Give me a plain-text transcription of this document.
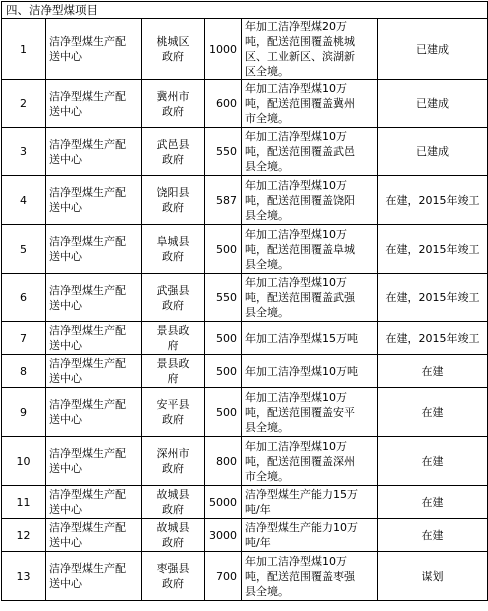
四、洁净型煤项目					
1	洁净型煤生产配
送中心	桃城区
政府	1000	年加工洁净型煤20万
吨，配送范围覆盖桃城
区、工业新区、滨湖新
区全境。	已建成
2	洁净型煤生产配
送中心	冀州市
政府	600	年加工洁净型煤10万
吨，配送范围覆盖冀州
市全境。	已建成
3	洁净型煤生产配
送中心	武邑县
政府	550	年加工洁净型煤10万
吨，配送范围覆盖武邑
县全境。	已建成
4	洁净型煤生产配
送中心	饶阳县
政府	587	年加工洁净型煤10万
吨，配送范围覆盖饶阳
县全境。	在建，2015年竣工
5	洁净型煤生产配
送中心	阜城县
政府	500	年加工洁净型煤10万
吨，配送范围覆盖阜城
县全境。	在建，2015年竣工
6	洁净型煤生产配
送中心	武强县
政府	550	年加工洁净型煤10万
吨，配送范围覆盖武强
县全境。	在建，2015年竣工
7	洁净型煤生产配
送中心	景县政
府	500	年加工洁净型煤15万吨	在建，2015年竣工
8	洁净型煤生产配
送中心	景县政
府	500	年加工洁净型煤10万吨	在建
9	洁净型煤生产配
送中心	安平县
政府	500	年加工洁净型煤10万
吨，配送范围覆盖安平
县全境。	在建
10	洁净型煤生产配
送中心	深州市
政府	800	年加工洁净型煤10万
吨，配送范围覆盖深州
市全境。	在建
11	洁净型煤生产配
送中心	故城县
政府	5000	洁净型煤生产能力15万
吨/年	在建
12	洁净型煤生产配
送中心	故城县
政府	3000	洁净型煤生产能力10万
吨/年	在建
13	洁净型煤生产配
送中心	枣强县
政府	700	年加工洁净型煤10万
吨，配送范围覆盖枣强
县全境。	谋划
